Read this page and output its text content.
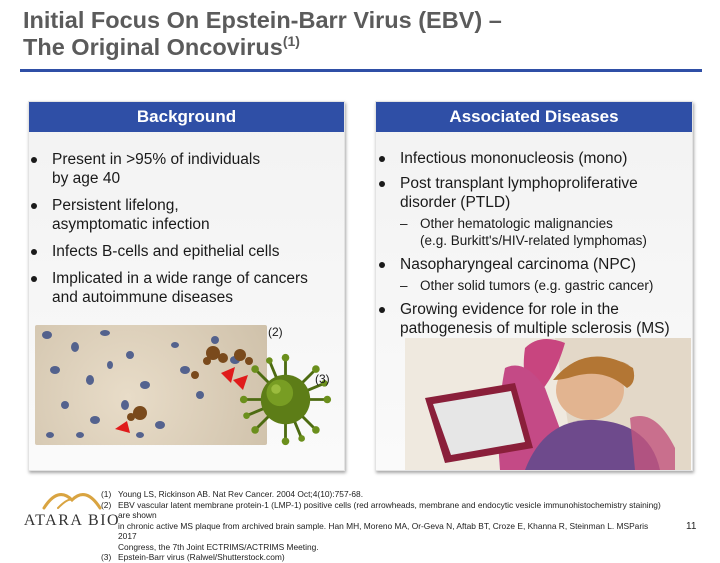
Initial Focus On Epstein-Barr Virus (EBV) –
The Original Oncovirus$^{(1)}$
Background	Associated Diseases
Present in >95% of individuals
by age 40
Persistent lifelong,
asymptomatic infection
Infects B-cells and epithelial cells
Implicated in a wide range of cancers
and autoimmune diseases
Infectious mononucleosis (mono)
Post transplant lymphoproliferative
disorder (PTLD)
– Other hematologic malignancies
(e.g. Burkitt's/HIV-related lymphomas)
Nasopharyngeal carcinoma (NPC)
– Other solid tumors (e.g. gastric cancer)
Growing evidence for role in the
pathogenesis of multiple sclerosis (MS)
(2)
(3)
ATARA BIO
(1) Young LS, Rickinson AB. Nat Rev Cancer. 2004 Oct;4(10):757-68.
(2) EBV vascular latent membrane protein-1 (LMP-1) positive cells (red arrowheads, membrane and endocytic vesicle immunohistochemistry staining) are shown
in chronic active MS plaque from archived brain sample. Han MH, Moreno MA, Or-Geva N, Aftab BT, Croze E, Khanna R, Steinman L. MSParis 2017
Congress, the 7th Joint ECTRIMS/ACTRIMS Meeting.
(3) Epstein-Barr virus (Ralwel/Shutterstock.com)
11
